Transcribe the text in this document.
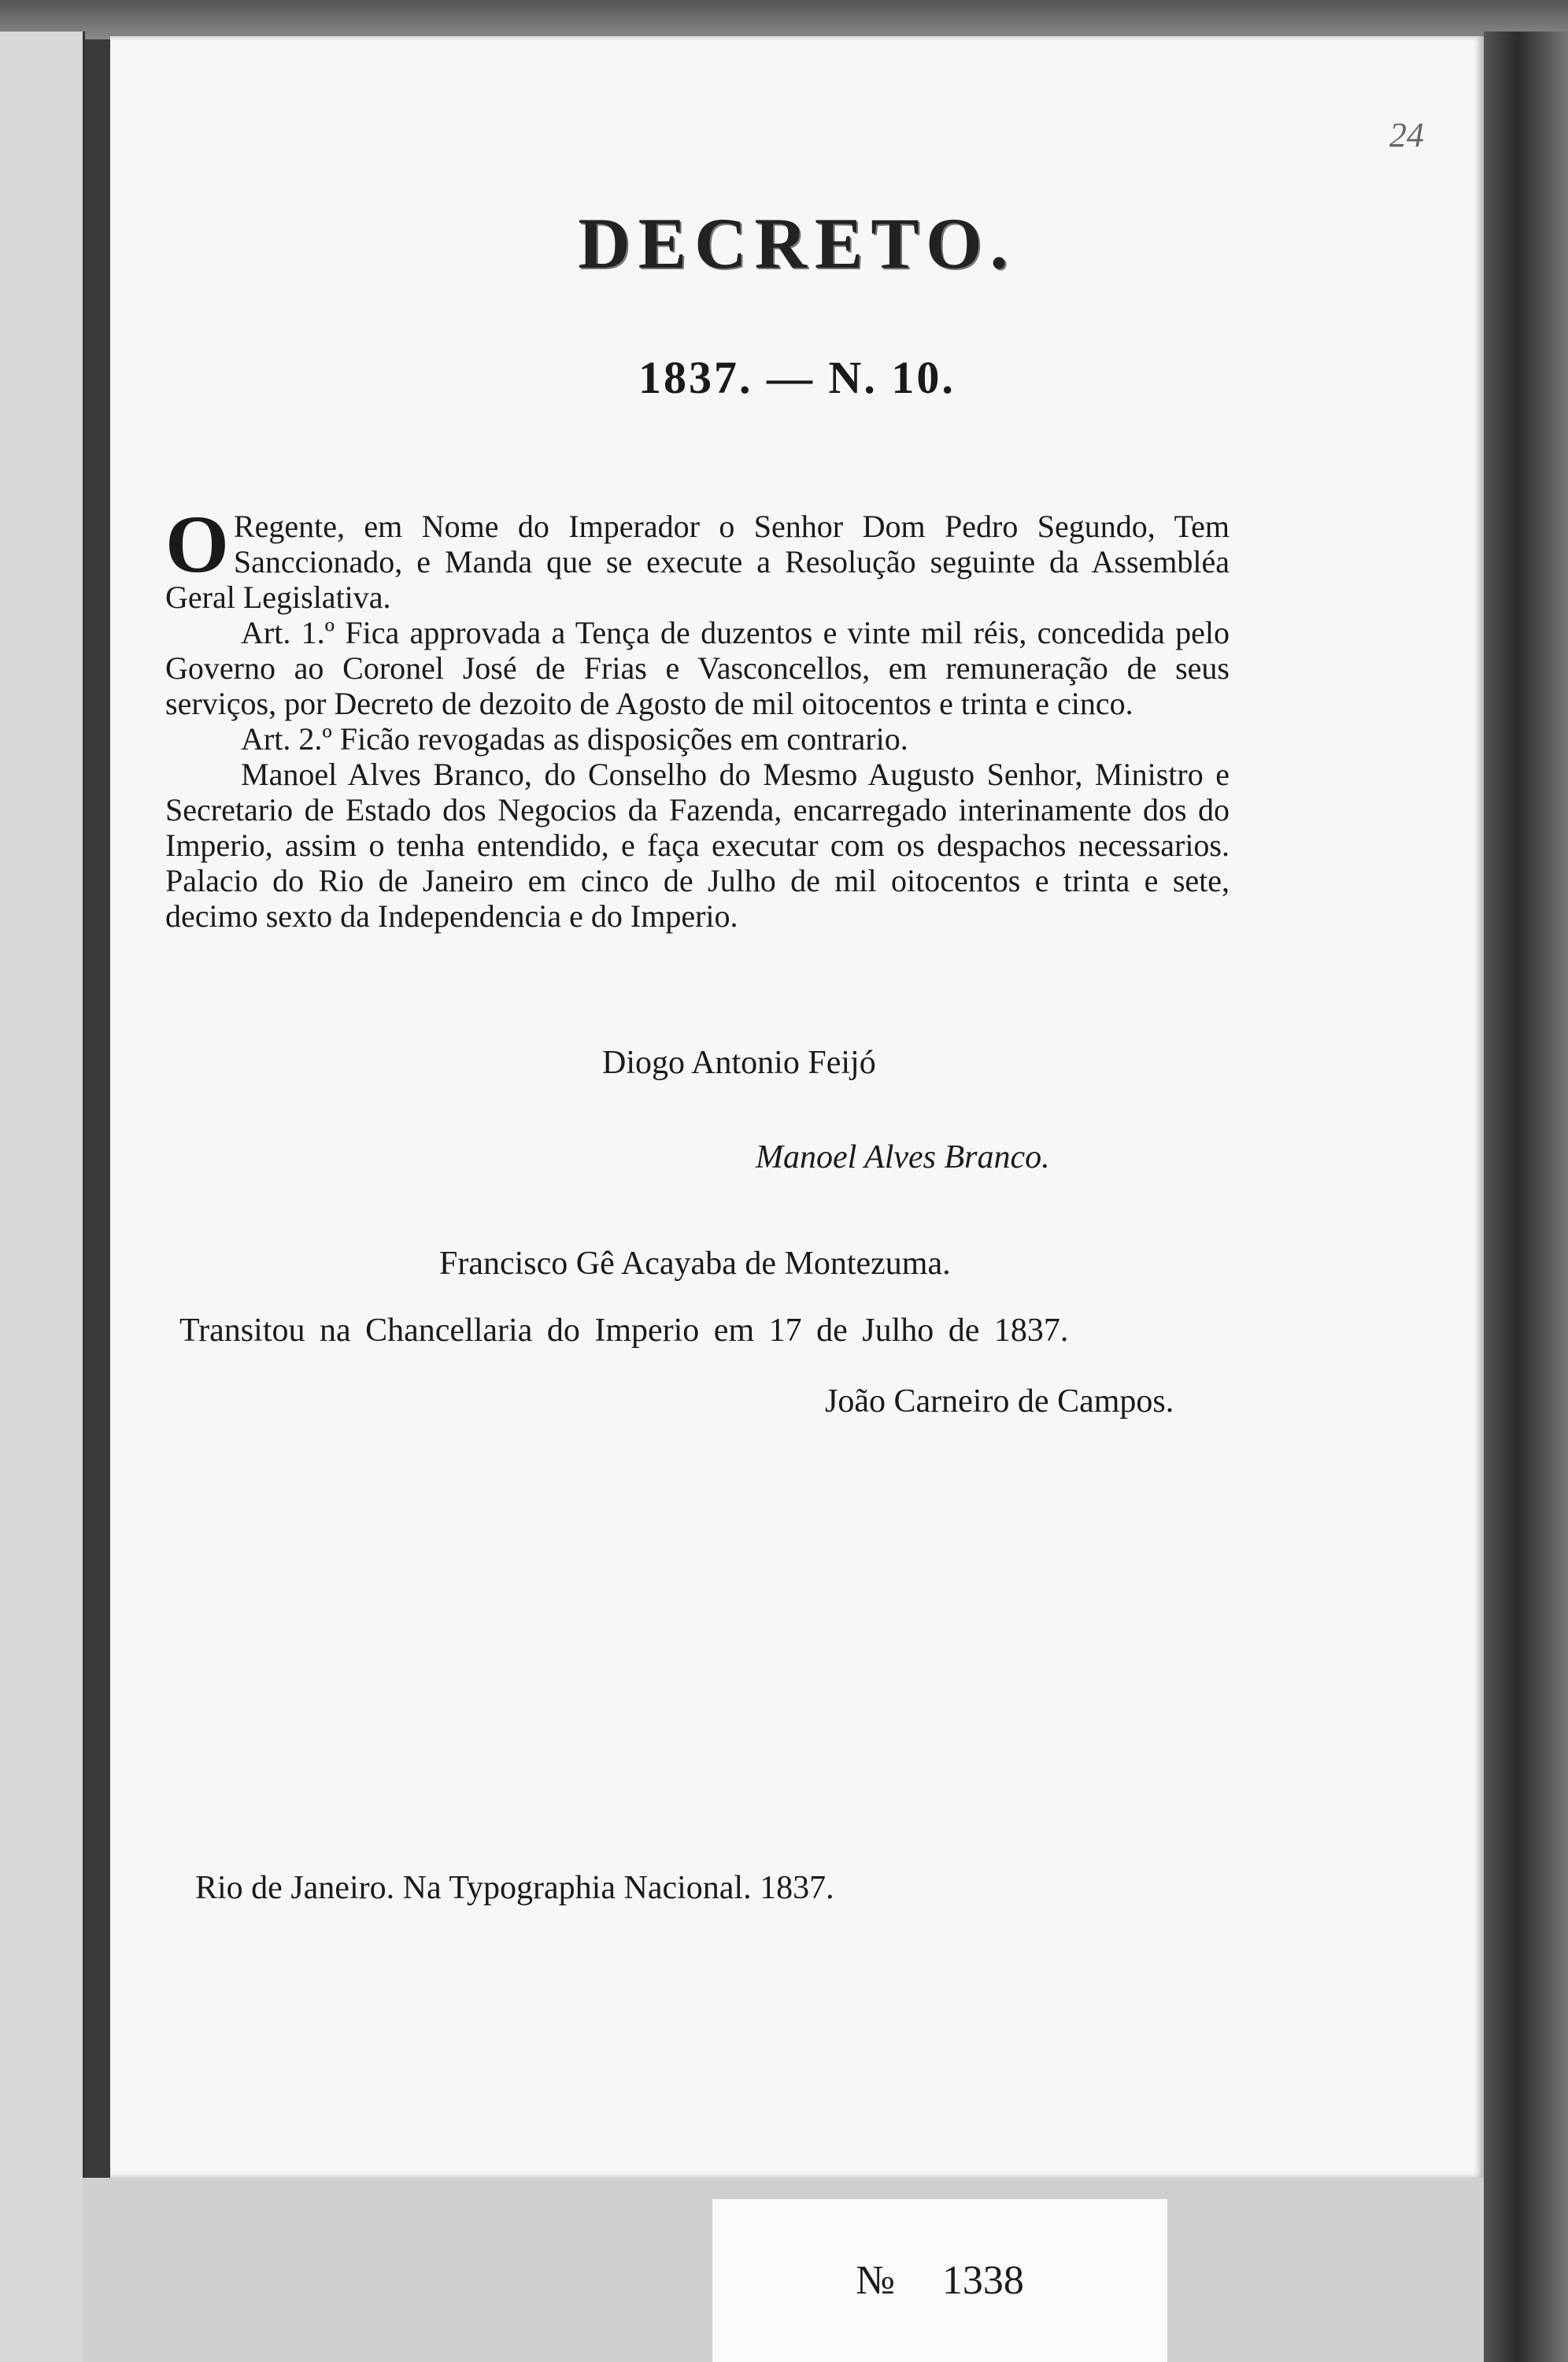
24
DECRETO.
1837. — N. 10.

O Regente, em Nome do Imperador o Senhor Dom Pedro Segundo, Tem Sanccionado, e Manda que se execute a Resolução seguinte da Assembléa Geral Legislativa.

Art. 1.º Fica approvada a Tença de duzentos e vinte mil réis, concedida pelo Governo ao Coronel José de Frias e Vasconcellos, em remuneração de seus serviços, por Decreto de dezoito de Agosto de mil oitocentos e trinta e cinco.

Art. 2.º Ficão revogadas as disposições em contrario.

Manoel Alves Branco, do Conselho do Mesmo Augusto Senhor, Ministro e Secretario de Estado dos Negocios da Fazenda, encarregado interinamente dos do Imperio, assim o tenha entendido, e faça executar com os despachos necessarios. Palacio do Rio de Janeiro em cinco de Julho de mil oitocentos e trinta e sete, decimo sexto da Independencia e do Imperio.

Diogo Antonio Feijó
Manoel Alves Branco.
Francisco Gê Acayaba de Montezuma.
Transitou na Chancellaria do Imperio em 17 de Julho de 1837.
João Carneiro de Campos.
Rio de Janeiro. Na Typographia Nacional. 1837.
№ 1338
